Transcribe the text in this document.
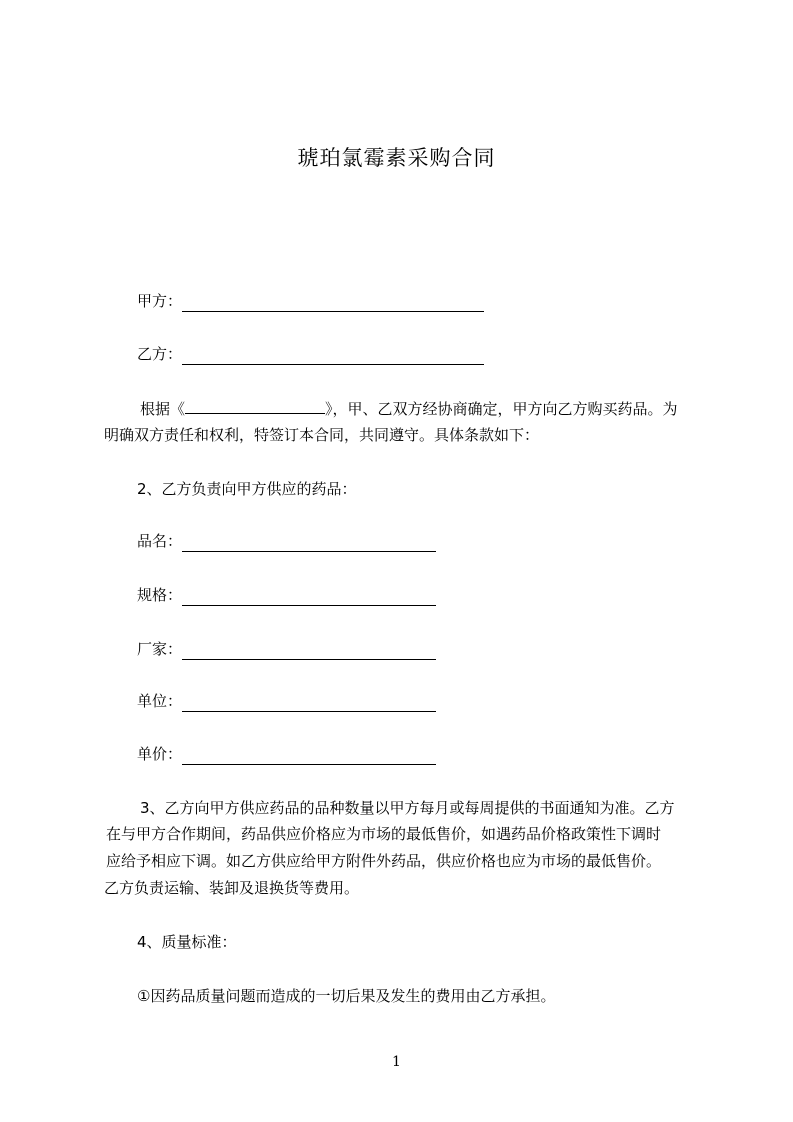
琥珀氯霉素采购合同
甲方：
乙方：
根据《	》，甲、乙双方经协商确定，甲方向乙方购买药品。为
明确双方责任和权利，特签订本合同，共同遵守。具体条款如下：
2、乙方负责向甲方供应的药品：
品名：
规格：
厂家：
单位：
单价：
3、乙方向甲方供应药品的品种数量以甲方每月或每周提供的书面通知为准。乙方
在与甲方合作期间，药品供应价格应为市场的最低售价，如遇药品价格政策性下调时
应给予相应下调。如乙方供应给甲方附件外药品，供应价格也应为市场的最低售价。
乙方负责运输、装卸及退换货等费用。
4、质量标准：
①因药品质量问题而造成的一切后果及发生的费用由乙方承担。
1
